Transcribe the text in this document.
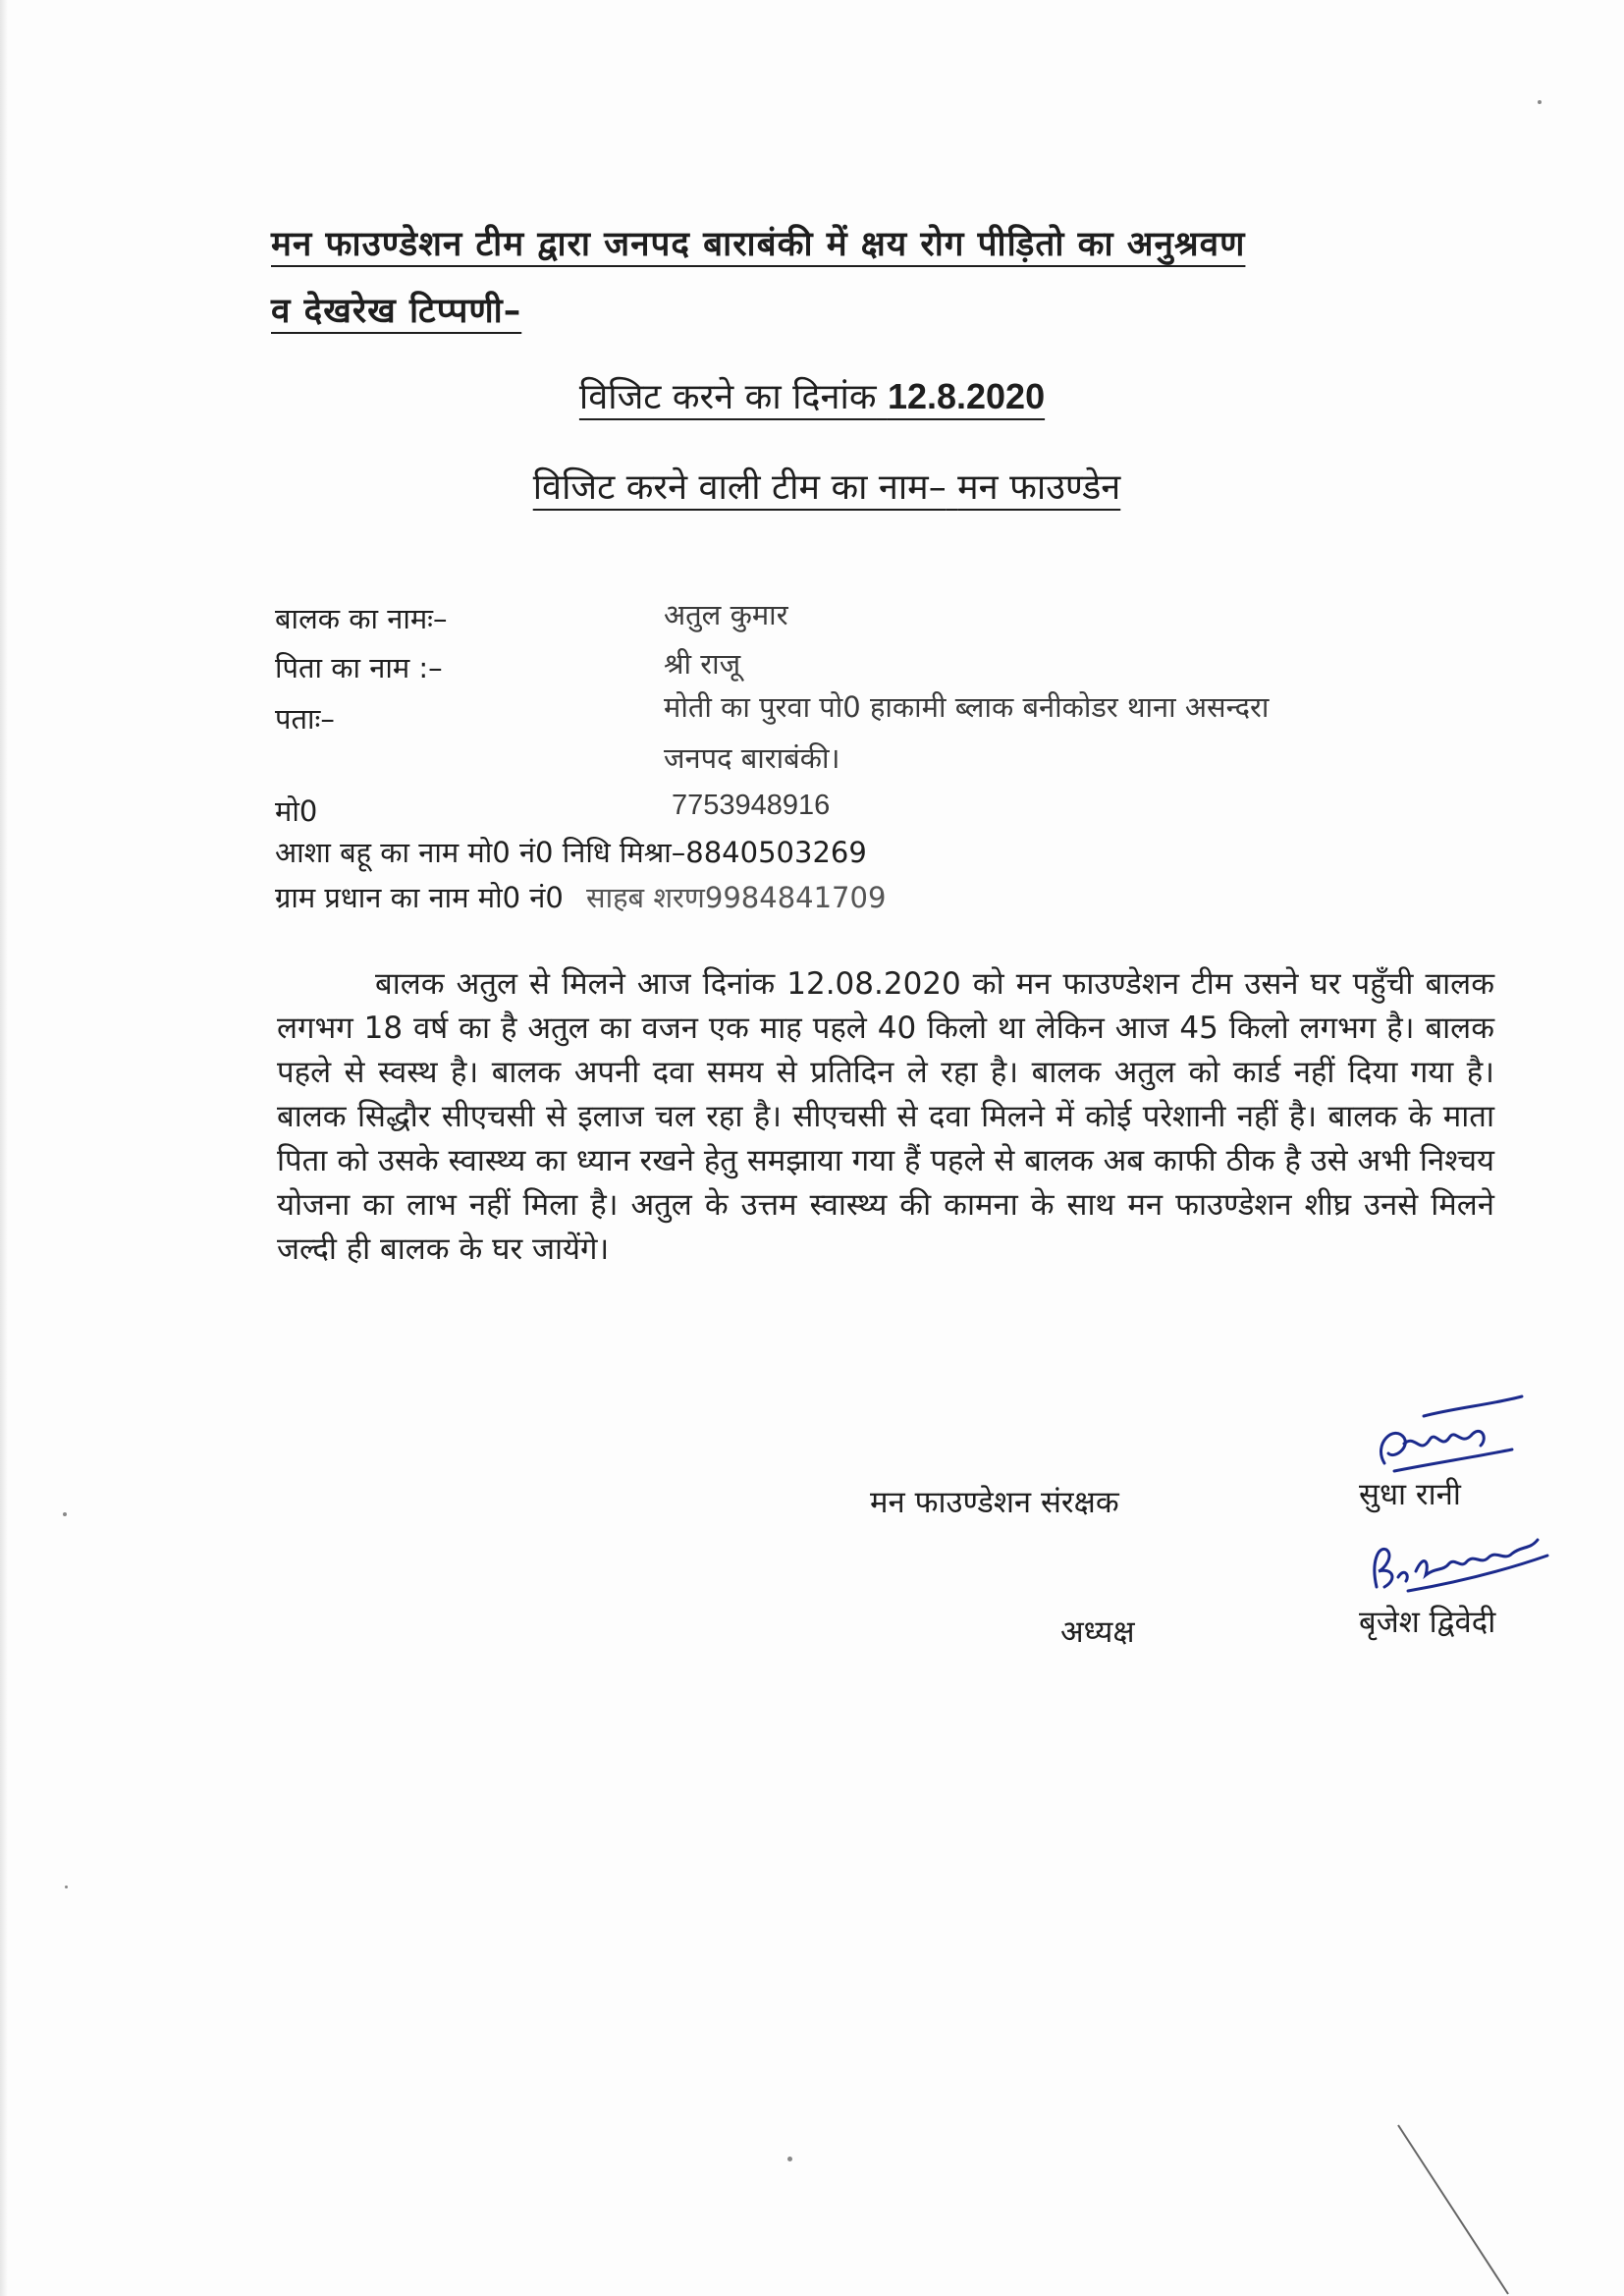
मन फाउण्डेशन टीम द्वारा जनपद बाराबंकी में क्षय रोग पीड़ितो का अनुश्रवण
व देखरेख टिप्पणी–
विजिट करने का दिनांक 12.8.2020
विजिट करने वाली टीम का नाम– मन फाउण्डेन
बालक का नामः–	अतुल कुमार
पिता का नाम :–	श्री राजू
पताः–	मोती का पुरवा पो0 हाकामी ब्लाक बनीकोडर थाना असन्दरा
जनपद बाराबंकी।
मो0	7753948916
आशा बहू का नाम मो0 नं0 निधि मिश्रा–8840503269
ग्राम प्रधान का नाम मो0 नं0 साहब शरण9984841709
बालक अतुल से मिलने आज दिनांक 12.08.2020 को मन फाउण्डेशन टीम उसने घर पहुँची बालक लगभग 18 वर्ष का है अतुल का वजन एक माह पहले 40 किलो था लेकिन आज 45 किलो लगभग है। बालक पहले से स्वस्थ है। बालक अपनी दवा समय से प्रतिदिन ले रहा है। बालक अतुल को कार्ड नहीं दिया गया है। बालक सिद्धौर सीएचसी से इलाज चल रहा है। सीएचसी से दवा मिलने में कोई परेशानी नहीं है। बालक के माता पिता को उसके स्वास्थ्य का ध्यान रखने हेतु समझाया गया हैं पहले से बालक अब काफी ठीक है उसे अभी निश्चय योजना का लाभ नहीं मिला है। अतुल के उत्तम स्वास्थ्य की कामना के साथ मन फाउण्डेशन शीघ्र उनसे मिलने जल्दी ही बालक के घर जायेंगे।
मन फाउण्डेशन संरक्षक	सुधा रानी
अध्यक्ष	बृजेश द्विवेदी
